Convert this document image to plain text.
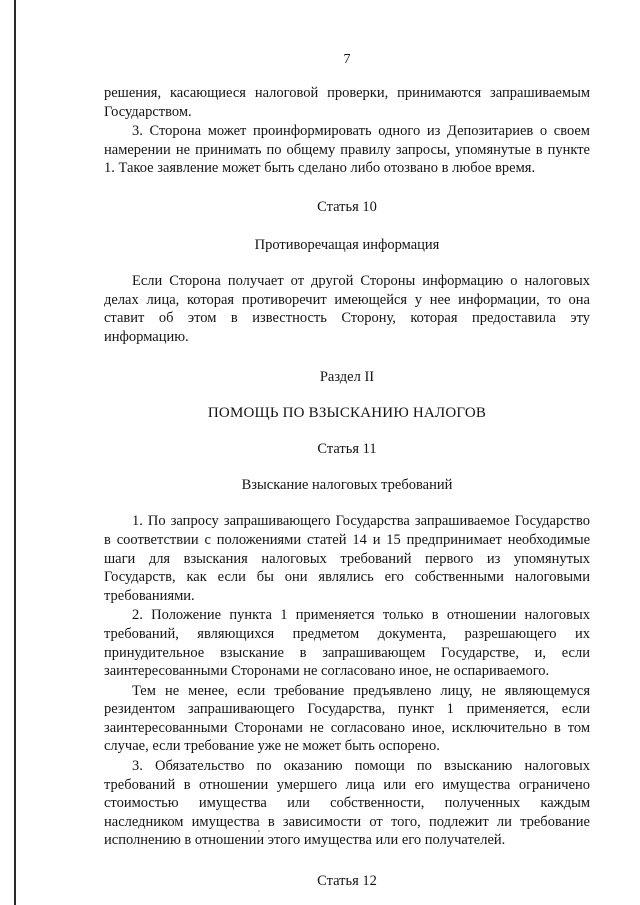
7

решения, касающиеся налоговой проверки, принимаются запрашиваемым Государством.

3. Сторона может проинформировать одного из Депозитариев о своем намерении не принимать по общему правилу запросы, упомянутые в пункте 1. Такое заявление может быть сделано либо отозвано в любое время.

Статья 10

Противоречащая информация

Если Сторона получает от другой Стороны информацию о налоговых делах лица, которая противоречит имеющейся у нее информации, то она ставит об этом в известность Сторону, которая предоставила эту информацию.

Раздел II

ПОМОЩЬ ПО ВЗЫСКАНИЮ НАЛОГОВ

Статья 11

Взыскание налоговых требований

1. По запросу запрашивающего Государства запрашиваемое Государство в соответствии с положениями статей 14 и 15 предпринимает необходимые шаги для взыскания налоговых требований первого из упомянутых Государств, как если бы они являлись его собственными налоговыми требованиями.

2. Положение пункта 1 применяется только в отношении налоговых требований, являющихся предметом документа, разрешающего их принудительное взыскание в запрашивающем Государстве, и, если заинтересованными Сторонами не согласовано иное, не оспариваемого.

Тем не менее, если требование предъявлено лицу, не являющемуся резидентом запрашивающего Государства, пункт 1 применяется, если заинтересованными Сторонами не согласовано иное, исключительно в том случае, если требование уже не может быть оспорено.

3. Обязательство по оказанию помощи по взысканию налоговых требований в отношении умершего лица или его имущества ограничено стоимостью имущества или собственности, полученных каждым наследником имущества в зависимости от того, подлежит ли требование исполнению в отношении этого имущества или его получателей.

Статья 12
